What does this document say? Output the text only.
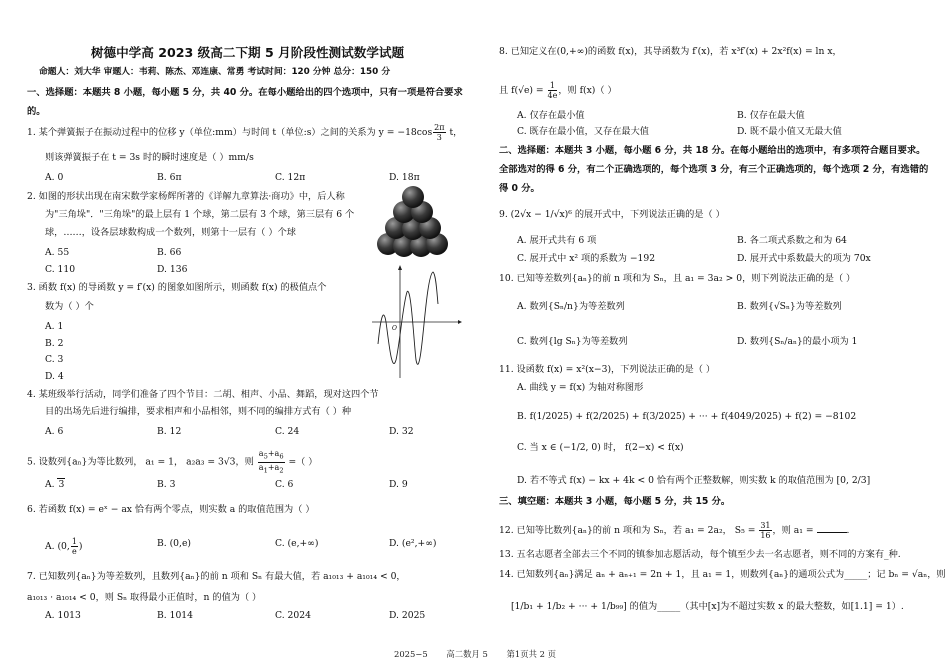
树德中学高 2023 级高二下期 5 月阶段性测试数学试题
命题人：刘大华 审题人：韦莉、陈杰、邓连康、常勇 考试时间：120 分钟 总分：150 分
一、选择题：本题共 8 小题，每小题 5 分，共 40 分。在每小题给出的四个选项中，只有一项是符合要求的。
1. 某个弹簧振子在振动过程中的位移 y（单位:mm）与时间 t（单位:s）之间的关系为 $y = -18\cos \frac{2\pi}{3}$ t，
则该弹簧振子在 t = 3s 时的瞬时速度是（ ）mm/s
A. 0	B. 6π	C. 12π	D. 18π
2. 如图的形状出现在南宋数学家杨辉所著的《详解九章算法·商功》中，后人称
为"三角垛"．"三角垛"的最上层有 1 个球，第二层有 3 个球，第三层有 6 个
球，……，设各层球数构成一个数列，则第十一层有（ ）个球
A. 55	B. 66
C. 110	D. 136
3. 函数 f(x) 的导函数 y = f′(x) 的图象如图所示，则函数 f(x) 的极值点个
数为（ ）个
A. 1
B. 2
C. 3
D. 4
4. 某班级举行活动，同学们准备了四个节目：二胡、相声、小品、舞蹈，现对这四个节
目的出场先后进行编排，要求相声和小品相邻，则不同的编排方式有（ ）种
A. 6	B. 12	C. 24	D. 32
5. 设数列{aₙ}为等比数列， a₁ = 1， a₂a₃ = 3√3，则 $\frac{a_5+a_6}{a_1+a_2}$ =（ ）
A. 3	B. 3	C. 6	D. 9
6. 若函数 f(x) = eˣ − ax 恰有两个零点，则实数 a 的取值范围为（ ）
A. (0, $\frac{1}{e}$ )	B. (0,e)	C. (e,+∞)	D. (e²,+∞)
7. 已知数列{aₙ}为等差数列，且数列{aₙ}的前 n 项和 Sₙ 有最大值，若 a₁₀₁₃ + a₁₀₁₄ < 0，
a₁₀₁₃ · a₁₀₁₄ < 0，则 Sₙ 取得最小正值时，n 的值为（ ）
A. 1013	B. 1014	C. 2024	D. 2025
O
8. 已知定义在(0,+∞)的函数 f(x)，其导函数为 f′(x)，若 x³f′(x) + 2x²f(x) = ln x，
且 $f(√e) = \frac{1}{4e}$ ，则 f(x)（ ）
A. 仅存在最小值	B. 仅存在最大值
C. 既存在最小值，又存在最大值	D. 既不最小值又无最大值
二、选择题：本题共 3 小题，每小题 6 分，共 18 分。在每小题给出的选项中，有多项符合题目要求。全部选对的得 6 分，有二个正确选项的，每个选项 3 分，有三个正确选项的，每个选项 2 分，有选错的得 0 分。
9. (2√x − 1/√x)⁶ 的展开式中，下列说法正确的是（ ）
A. 展开式共有 6 项	B. 各二项式系数之和为 64
C. 展开式中 x² 项的系数为 −192	D. 展开式中系数最大的项为 70x
10. 已知等差数列{aₙ}的前 n 项和为 Sₙ，且 a₁ = 3a₂ > 0，则下列说法正确的是（ ）
A. 数列{Sₙ/n}为等差数列	B. 数列{√Sₙ}为等差数列
C. 数列{lg Sₙ}为等差数列	D. 数列{Sₙ/aₙ}的最小项为 1
11. 设函数 f(x) = x²(x−3)，下列说法正确的是（ ）
A. 曲线 y = f(x) 为轴对称图形
B. f(1/2025) + f(2/2025) + f(3/2025) + ··· + f(4049/2025) + f(2) = −8102
C. 当 x ∈ (−1/2, 0) 时， f(2−x) < f(x)
D. 若不等式 f(x) − kx + 4k < 0 恰有两个正整数解，则实数 k 的取值范围为 [0, 2/3]
三、填空题：本题共 3 小题，每小题 5 分，共 15 分。
12. 已知等比数列{aₙ}的前 n 项和为 Sₙ，若 a₁ = 2a₂， $S_5 = \frac{31}{16}$ ，则 a₁ =	.
13. 五名志愿者全部去三个不同的镇参加志愿活动，每个镇至少去一名志愿者，则不同的方案有_种.
14. 已知数列{aₙ}满足 aₙ + aₙ₊₁ = 2n + 1，且 a₁ = 1，则数列{aₙ}的通项公式为_____；记 bₙ = √aₙ，则
[1/b₁ + 1/b₂ + ··· + 1/b₉₉] 的值为_____（其中[x]为不超过实数 x 的最大整数，如[1.1] = 1）.
2025−5 高二数月 5 第1页共 2 页
